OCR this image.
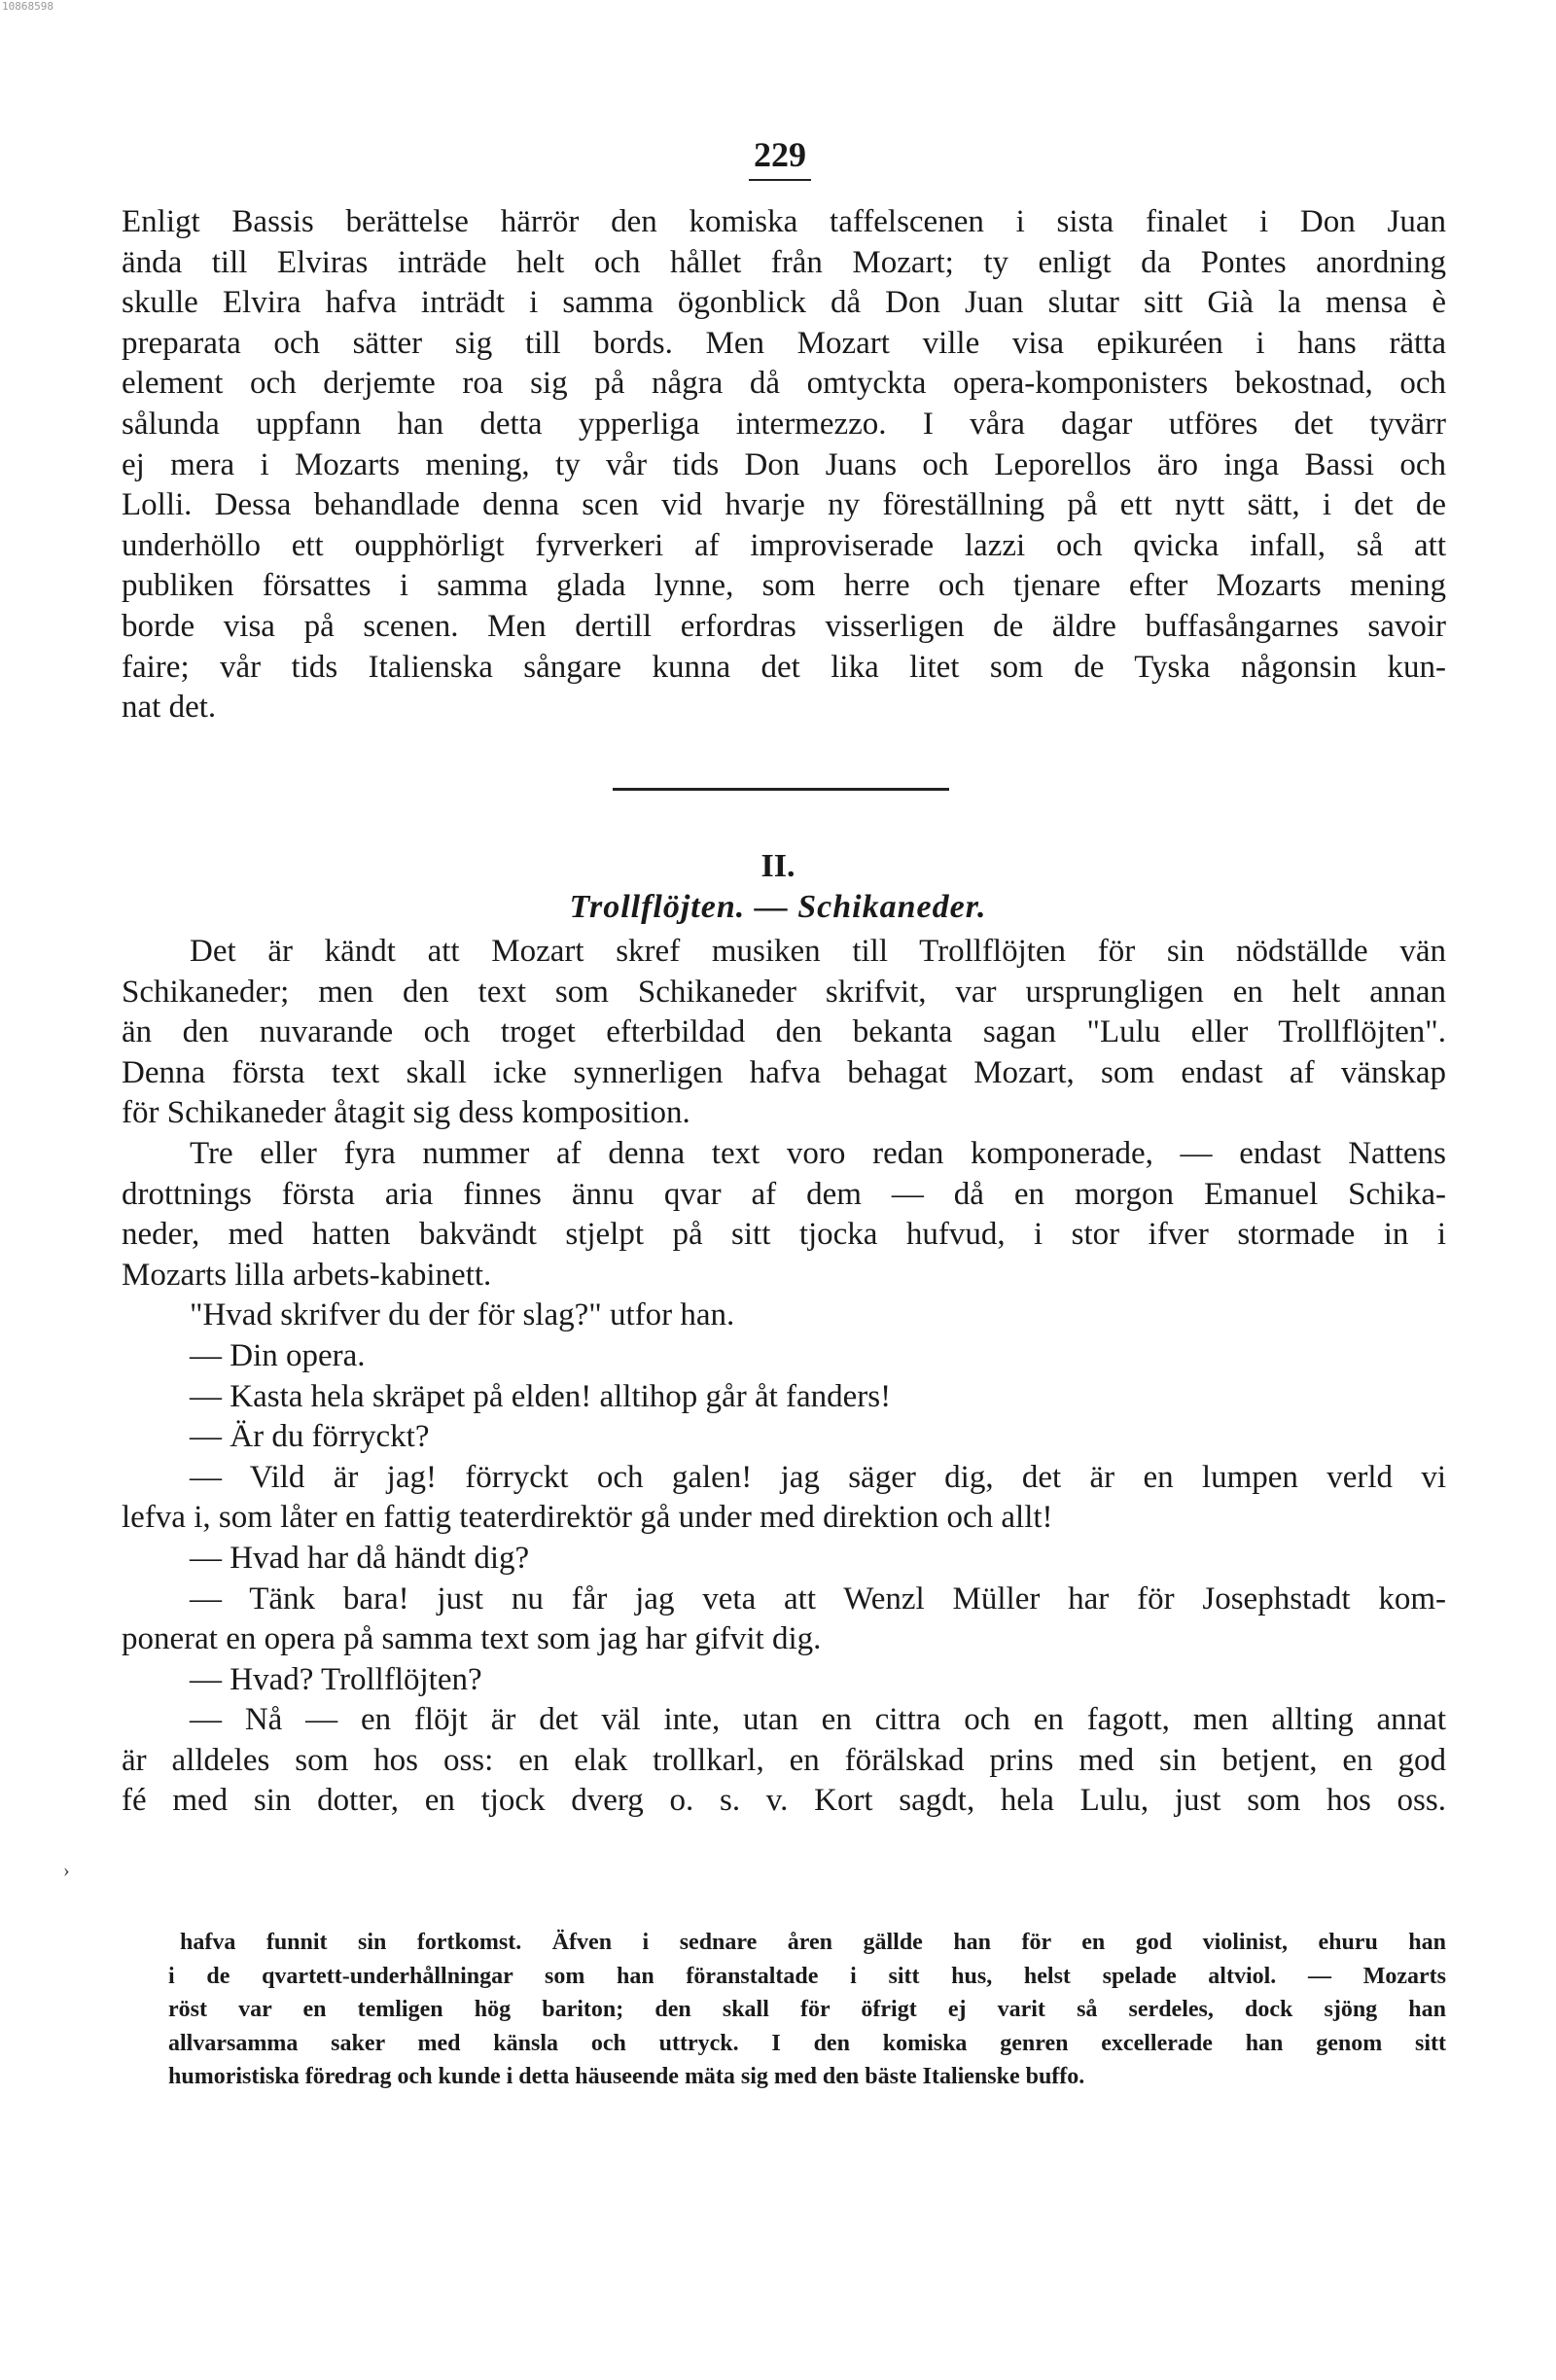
10868598
229
Enligt Bassis berättelse härrör den komiska taffelscenen i sista finalet i Don Juan
ända till Elviras inträde helt och hållet från Mozart; ty enligt da Pontes anordning
skulle Elvira hafva inträdt i samma ögonblick då Don Juan slutar sitt Già la mensa è
preparata och sätter sig till bords. Men Mozart ville visa epikuréen i hans rätta
element och derjemte roa sig på några då omtyckta opera-komponisters bekostnad, och
sålunda uppfann han detta ypperliga intermezzo. I våra dagar utföres det tyvärr
ej mera i Mozarts mening, ty vår tids Don Juans och Leporellos äro inga Bassi och
Lolli. Dessa behandlade denna scen vid hvarje ny föreställning på ett nytt sätt, i det de
underhöllo ett oupphörligt fyrverkeri af improviserade lazzi och qvicka infall, så att
publiken försattes i samma glada lynne, som herre och tjenare efter Mozarts mening
borde visa på scenen. Men dertill erfordras visserligen de äldre buffasångarnes savoir
faire; vår tids Italienska sångare kunna det lika litet som de Tyska någonsin kun-
nat det.
II.
Trollflöjten. — Schikaneder.
Det är kändt att Mozart skref musiken till Trollflöjten för sin nödställde vän
Schikaneder; men den text som Schikaneder skrifvit, var ursprungligen en helt annan
än den nuvarande och troget efterbildad den bekanta sagan "Lulu eller Trollflöjten".
Denna första text skall icke synnerligen hafva behagat Mozart, som endast af vänskap
för Schikaneder åtagit sig dess komposition.
Tre eller fyra nummer af denna text voro redan komponerade, — endast Nattens
drottnings första aria finnes ännu qvar af dem — då en morgon Emanuel Schika-
neder, med hatten bakvändt stjelpt på sitt tjocka hufvud, i stor ifver stormade in i
Mozarts lilla arbets-kabinett.
"Hvad skrifver du der för slag?" utfor han.
— Din opera.
— Kasta hela skräpet på elden! alltihop går åt fanders!
— Är du förryckt?
— Vild är jag! förryckt och galen! jag säger dig, det är en lumpen verld vi
lefva i, som låter en fattig teaterdirektör gå under med direktion och allt!
— Hvad har då händt dig?
— Tänk bara! just nu får jag veta att Wenzl Müller har för Josephstadt kom-
ponerat en opera på samma text som jag har gifvit dig.
— Hvad? Trollflöjten?
— Nå — en flöjt är det väl inte, utan en cittra och en fagott, men allting annat
är alldeles som hos oss: en elak trollkarl, en förälskad prins med sin betjent, en god
fé med sin dotter, en tjock dverg o. s. v. Kort sagdt, hela Lulu, just som hos oss.
›
hafva funnit sin fortkomst. Äfven i sednare åren gällde han för en god violinist, ehuru han
i de qvartett-underhållningar som han föranstaltade i sitt hus, helst spelade altviol. — Mozarts
röst var en temligen hög bariton; den skall för öfrigt ej varit så serdeles, dock sjöng han
allvarsamma saker med känsla och uttryck. I den komiska genren excellerade han genom sitt
humoristiska föredrag och kunde i detta häuseende mäta sig med den bäste Italienske buffo.
